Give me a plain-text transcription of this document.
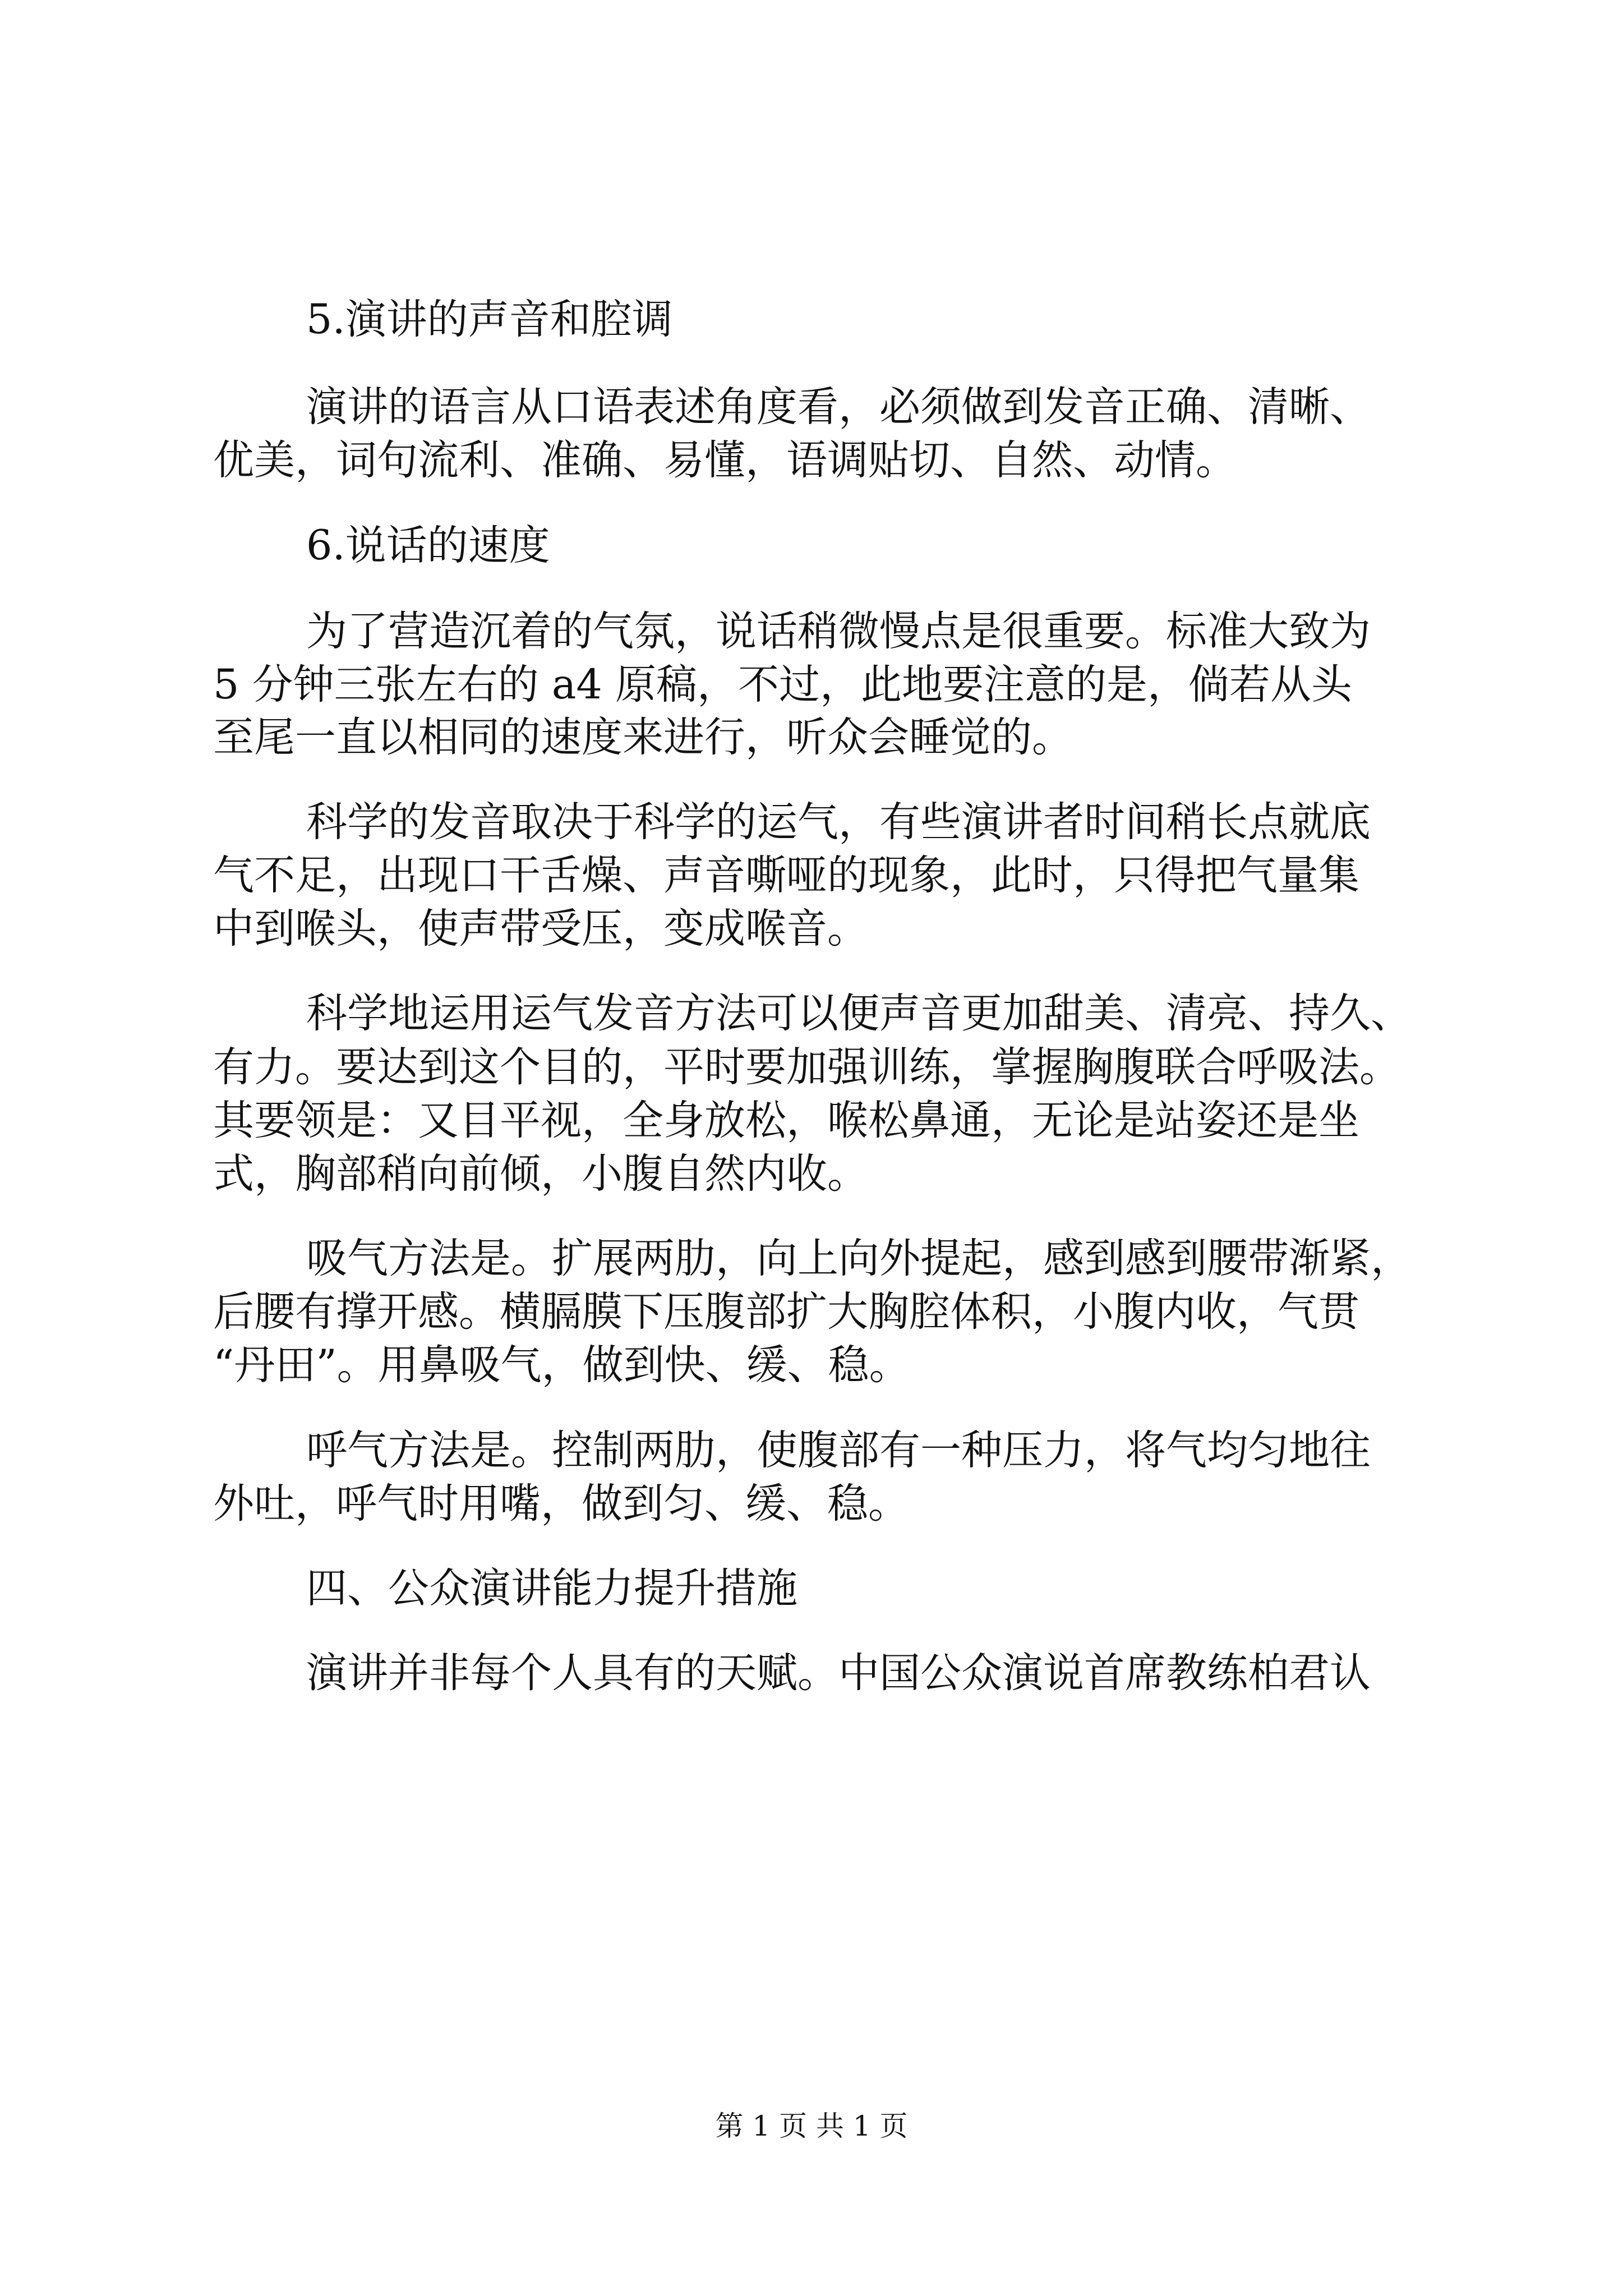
5.演讲的声音和腔调
演讲的语言从口语表述角度看，必须做到发音正确、清晰、
优美，词句流利、准确、易懂，语调贴切、自然、动情。
6.说话的速度
为了营造沉着的气氛，说话稍微慢点是很重要。标准大致为
5 分钟三张左右的 a4 原稿，不过，此地要注意的是，倘若从头
至尾一直以相同的速度来进行，听众会睡觉的。
科学的发音取决于科学的运气，有些演讲者时间稍长点就底
气不足，出现口干舌燥、声音嘶哑的现象，此时，只得把气量集
中到喉头，使声带受压，变成喉音。
科学地运用运气发音方法可以便声音更加甜美、清亮、持久、
有力。要达到这个目的，平时要加强训练，掌握胸腹联合呼吸法。
其要领是：又目平视，全身放松，喉松鼻通，无论是站姿还是坐
式，胸部稍向前倾，小腹自然内收。
吸气方法是。扩展两肋，向上向外提起，感到感到腰带渐紧，
后腰有撑开感。横膈膜下压腹部扩大胸腔体积，小腹内收，气贯
“丹田”。用鼻吸气，做到快、缓、稳。
呼气方法是。控制两肋，使腹部有一种压力，将气均匀地往
外吐，呼气时用嘴，做到匀、缓、稳。
四、公众演讲能力提升措施
演讲并非每个人具有的天赋。中国公众演说首席教练柏君认
第 1 页 共 1 页
